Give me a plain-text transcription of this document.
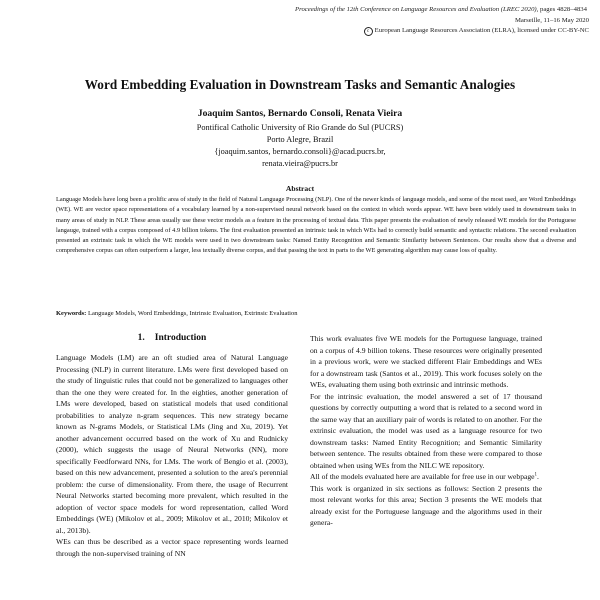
Proceedings of the 12th Conference on Language Resources and Evaluation (LREC 2020), pages 4828–4834
Marseille, 11–16 May 2020
c European Language Resources Association (ELRA), licensed under CC-BY-NC
Word Embedding Evaluation in Downstream Tasks and Semantic Analogies
Joaquim Santos, Bernardo Consoli, Renata Vieira
Pontifical Catholic University of Rio Grande do Sul (PUCRS)
Porto Alegre, Brazil
{joaquim.santos, bernardo.consoli}@acad.pucrs.br,
renata.vieira@pucrs.br
Abstract
Language Models have long been a prolific area of study in the field of Natural Language Processing (NLP). One of the newer kinds of language models, and some of the most used, are Word Embeddings (WE). WE are vector space representations of a vocabulary learned by a non-supervised neural network based on the context in which words appear. WE have been widely used in downstream tasks in many areas of study in NLP. These areas usually use these vector models as a feature in the processing of textual data. This paper presents the evaluation of newly released WE models for the Portuguese langauge, trained with a corpus composed of 4.9 billion tokens. The first evaluation presented an intrinsic task in which WEs had to correctly build semantic and syntactic relations. The second evaluation presented an extrinsic task in which the WE models were used in two downstream tasks: Named Entity Recognition and Semantic Similarity between Sentences. Our results show that a diverse and comprehensive corpus can often outperform a larger, less textually diverse corpus, and that passing the text in parts to the WE generating algorithm may cause loss of quality.
Keywords: Language Models, Word Embeddings, Intrinsic Evaluation, Extrinsic Evaluation
1. Introduction

Language Models (LM) are an oft studied area of Natural Language Processing (NLP) in current literature. LMs were first developed based on the study of linguistic rules that could not be generalized to languages other than the one they were created for. In the eighties, another generation of LMs were developed, based on statistical models that used conditional probabilities to analyze n-gram sequences. This new strategy became known as N-grams Models, or Statistical LMs (Jing and Xu, 2019). Yet another advancement occurred based on the work of Xu and Rudnicky (2000), which suggests the usage of Neural Networks (NN), more specifically Feedforward NNs, for LMs. The work of Bengio et al. (2003), based on this new advancement, presented a solution to the area's perennial problem: the curse of dimensionality. From there, the usage of Recurrent Neural Networks started becoming more prevalent, which resulted in the adoption of vector space models for word representation, called Word Embeddings (WE) (Mikolov et al., 2009; Mikolov et al., 2010; Mikolov et al., 2013b).

WEs can thus be described as a vector space representing words learned through the non-supervised training of NN

This work evaluates five WE models for the Portuguese language, trained on a corpus of 4.9 billion tokens. These resources were originally presented in a previous work, were we stacked different Flair Embeddings and WEs for a downstream task (Santos et al., 2019). This work focuses solely on the WEs, evaluating them using both extrinsic and intrinsic methods.

For the intrinsic evaluation, the model answered a set of 17 thousand questions by correctly outputting a word that is related to a second word in the same way that an auxiliary pair of words is related to on another. For the extrinsic evaluation, the model was used as a language resource for two downstream tasks: Named Entity Recognition; and Semantic Similarity between sentence. The results obtained from these were compared to those obtained when using WEs from the NILC WE repository.

All of the models evaluated here are available for free use in our webpage$^1$.

This work is organized in six sections as follows: Section 2 presents the most relevant works for this area; Section 3 presents the WE models that already exist for the Portuguese language and the algorithms used in their genera-
